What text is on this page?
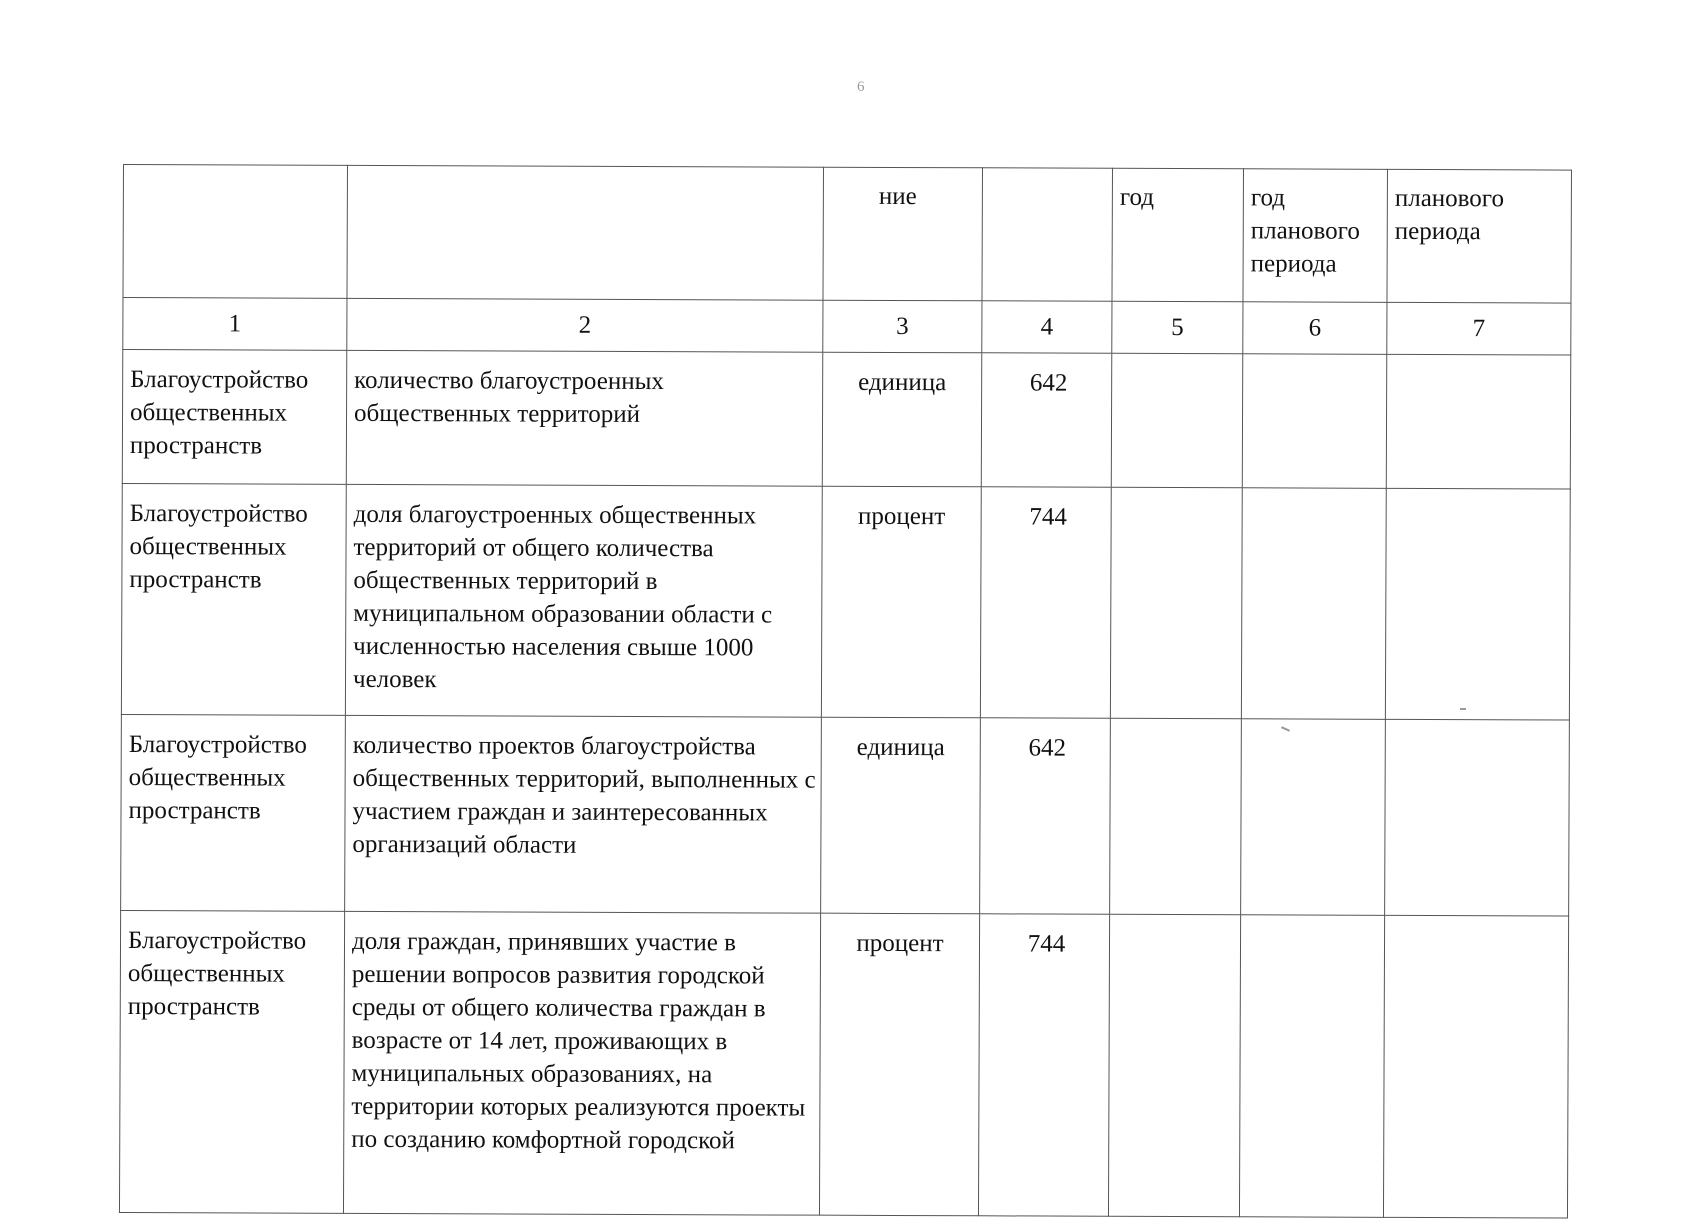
6
		ние		год	год планового периода	планового периода
1	2	3	4	5	6	7
Благоустройство общественных пространств	количество благоустроенных общественных территорий	единица	642			
Благоустройство общественных пространств	доля благоустроенных общественных территорий от общего количества общественных территорий в муниципальном образовании области с численностью населения свыше 1000 человек	процент	744			
Благоустройство общественных пространств	количество проектов благоустройства общественных территорий, выполненных с участием граждан и заинтересованных организаций области	единица	642			
Благоустройство общественных пространств	доля граждан, принявших участие в решении вопросов развития городской среды от общего количества граждан в возрасте от 14 лет, проживающих в муниципальных образованиях, на территории которых реализуются проекты по созданию комфортной городской	процент	744			
